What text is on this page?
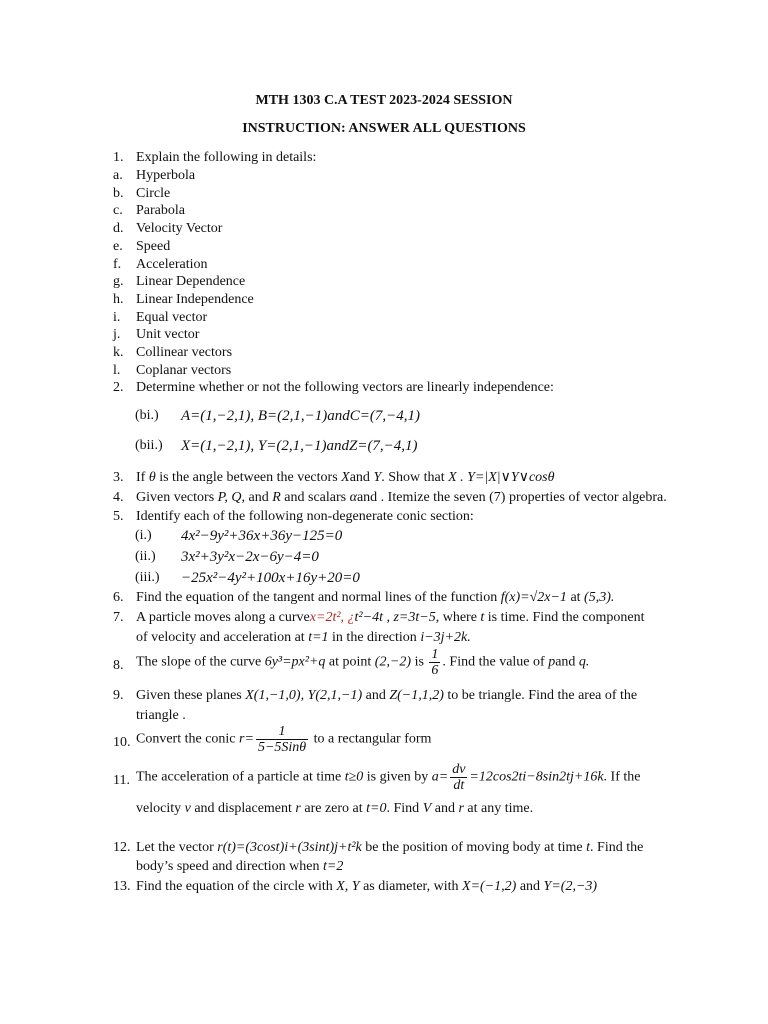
MTH 1303 C.A TEST 2023-2024 SESSION
INSTRUCTION: ANSWER ALL QUESTIONS
1. Explain the following in details:
a. Hyperbola
b. Circle
c. Parabola
d. Velocity Vector
e. Speed
f. Acceleration
g. Linear Dependence
h. Linear Independence
i. Equal vector
j. Unit vector
k. Collinear vectors
l. Coplanar vectors
2. Determine whether or not the following vectors are linearly independence:
(bi.) A=(1,−2,1), B=(2,1,−1)andC=(7,−4,1)
(bii.) X=(1,−2,1), Y=(2,1,−1)andZ=(7,−4,1)
3. If θ is the angle between the vectors Xand Y. Show that X . Y=|X|∨Y∨cosθ
4. Given vectors P, Q, and R and scalars αand . Itemize the seven (7) properties of vector algebra.
5. Identify each of the following non-degenerate conic section:
(i.) 4x²−9y²+36x+36y−125=0
(ii.) 3x²+3y²x−2x−6y−4=0
(iii.) −25x²−4y²+100x+16y+20=0
6. Find the equation of the tangent and normal lines of the function f(x)=√2x−1 at (5,3).
7. A particle moves along a curvex=2t², ¿t²−4t , z=3t−5, where t is time. Find the component
of velocity and acceleration at t=1 in the direction i−3j+2k.
8. The slope of the curve 6y³=px²+q at point (2,−2) is $\frac{1}{6}$ . Find the value of pand q.
9. Given these planes X(1,−1,0), Y(2,1,−1) and Z(−1,1,2) to be triangle. Find the area of the
triangle .
10. Convert the conic $r= \frac{1}{\text{5−5Sinθ}}$ to a rectangular form
11. The acceleration of a particle at time t≥0 is given by $a= \frac{dv}{dt} =12\cos 2ti-8\sin 2tj+16k$. If the
velocity v and displacement r are zero at t=0. Find V and r at any time.
12. Let the vector r(t)=(3cost)i+(3sint)j+t²k be the position of moving body at time t. Find the
body’s speed and direction when t=2
13. Find the equation of the circle with X, Y as diameter, with X=(−1,2) and Y=(2,−3)
